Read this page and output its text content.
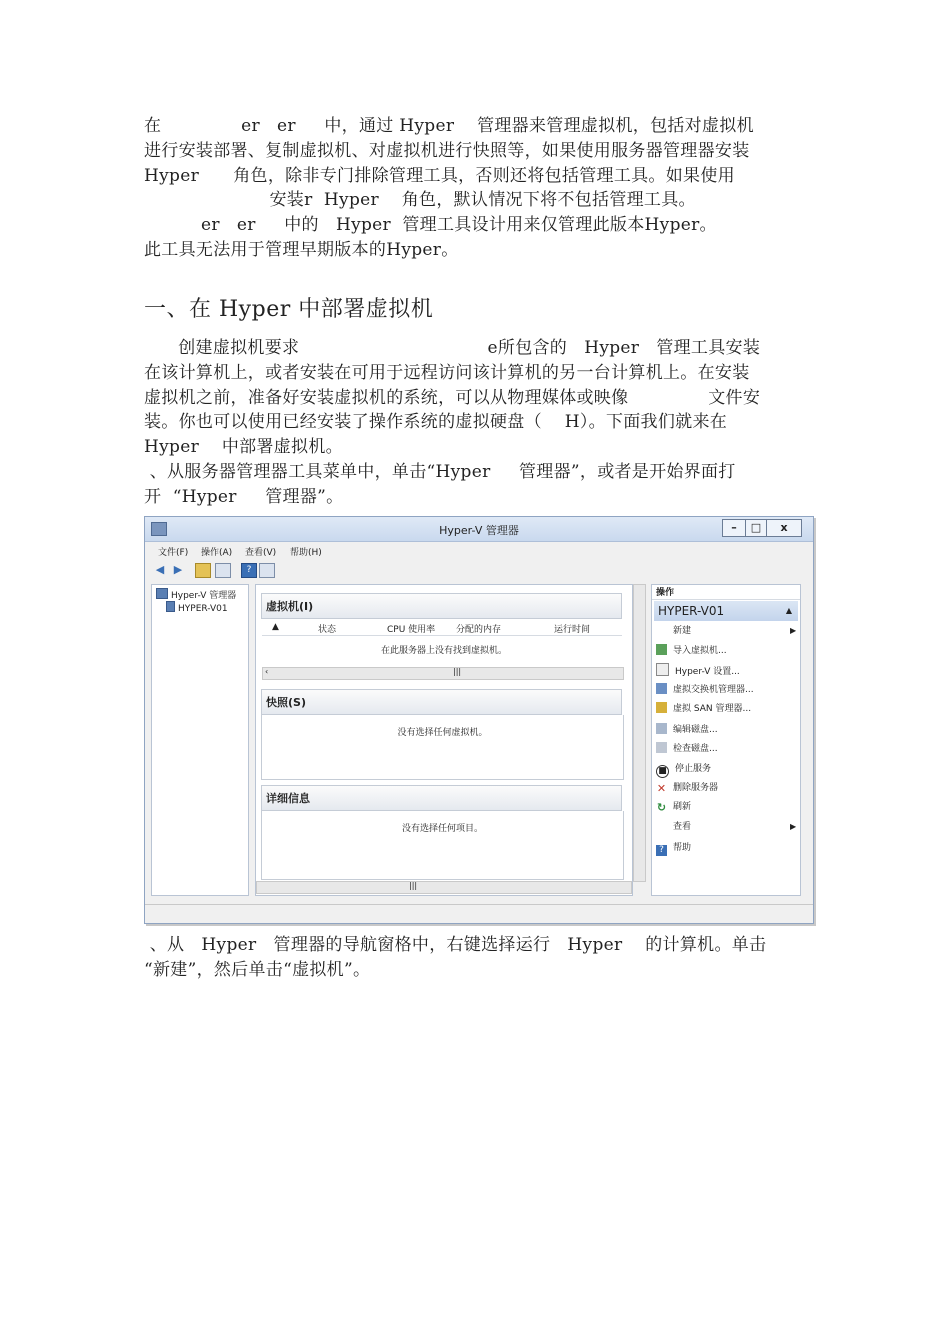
在              er   er     中，通过 Hyper    管理器来管理虚拟机，包括对虚拟机
进行安装部署、复制虚拟机、对虚拟机进行快照等，如果使用服务器管理器安装
Hyper      角色，除非专门排除管理工具，否则还将包括管理工具。如果使用
安装r  Hyper    角色，默认情况下将不包括管理工具。
er   er     中的   Hyper  管理工具设计用来仅管理此版本Hyper。
此工具无法用于管理早期版本的Hyper。
一、在 Hyper 中部署虚拟机
创建虚拟机要求                                 e所包含的   Hyper   管理工具安装
在该计算机上，或者安装在可用于远程访问该计算机的另一台计算机上。在安装
虚拟机之前，准备好安装虚拟机的系统，可以从物理媒体或映像              文件安
装。你也可以使用已经安装了操作系统的虚拟硬盘（    H）。下面我们就来在
Hyper    中部署虚拟机。
、从服务器管理器工具菜单中，单击“Hyper     管理器”，或者是开始界面打
开  “Hyper     管理器”。
Hyper-V 管理器	–	□	x
文件(F) 操作(A) 查看(V) 帮助(H)
◀ ▶	?
Hyper-V 管理器
HYPER-V01	虚拟机(I)
▲	状态	CPU 使用率 分配的内存	运行时间
在此服务器上没有找到虚拟机。
‹	|||
快照(S)
没有选择任何虚拟机。
详细信息
没有选择任何项目。
|||
操作
HYPER-V01	▲
新建	▶
导入虚拟机...
Hyper-V 设置...
虚拟交换机管理器...
虚拟 SAN 管理器...
编辑磁盘...
检查磁盘...
■ 停止服务
✕ 删除服务器
↻ 刷新
查看	▶
? 帮助
、从   Hyper   管理器的导航窗格中，右键选择运行   Hyper    的计算机。单击
“新建”，然后单击“虚拟机”。
